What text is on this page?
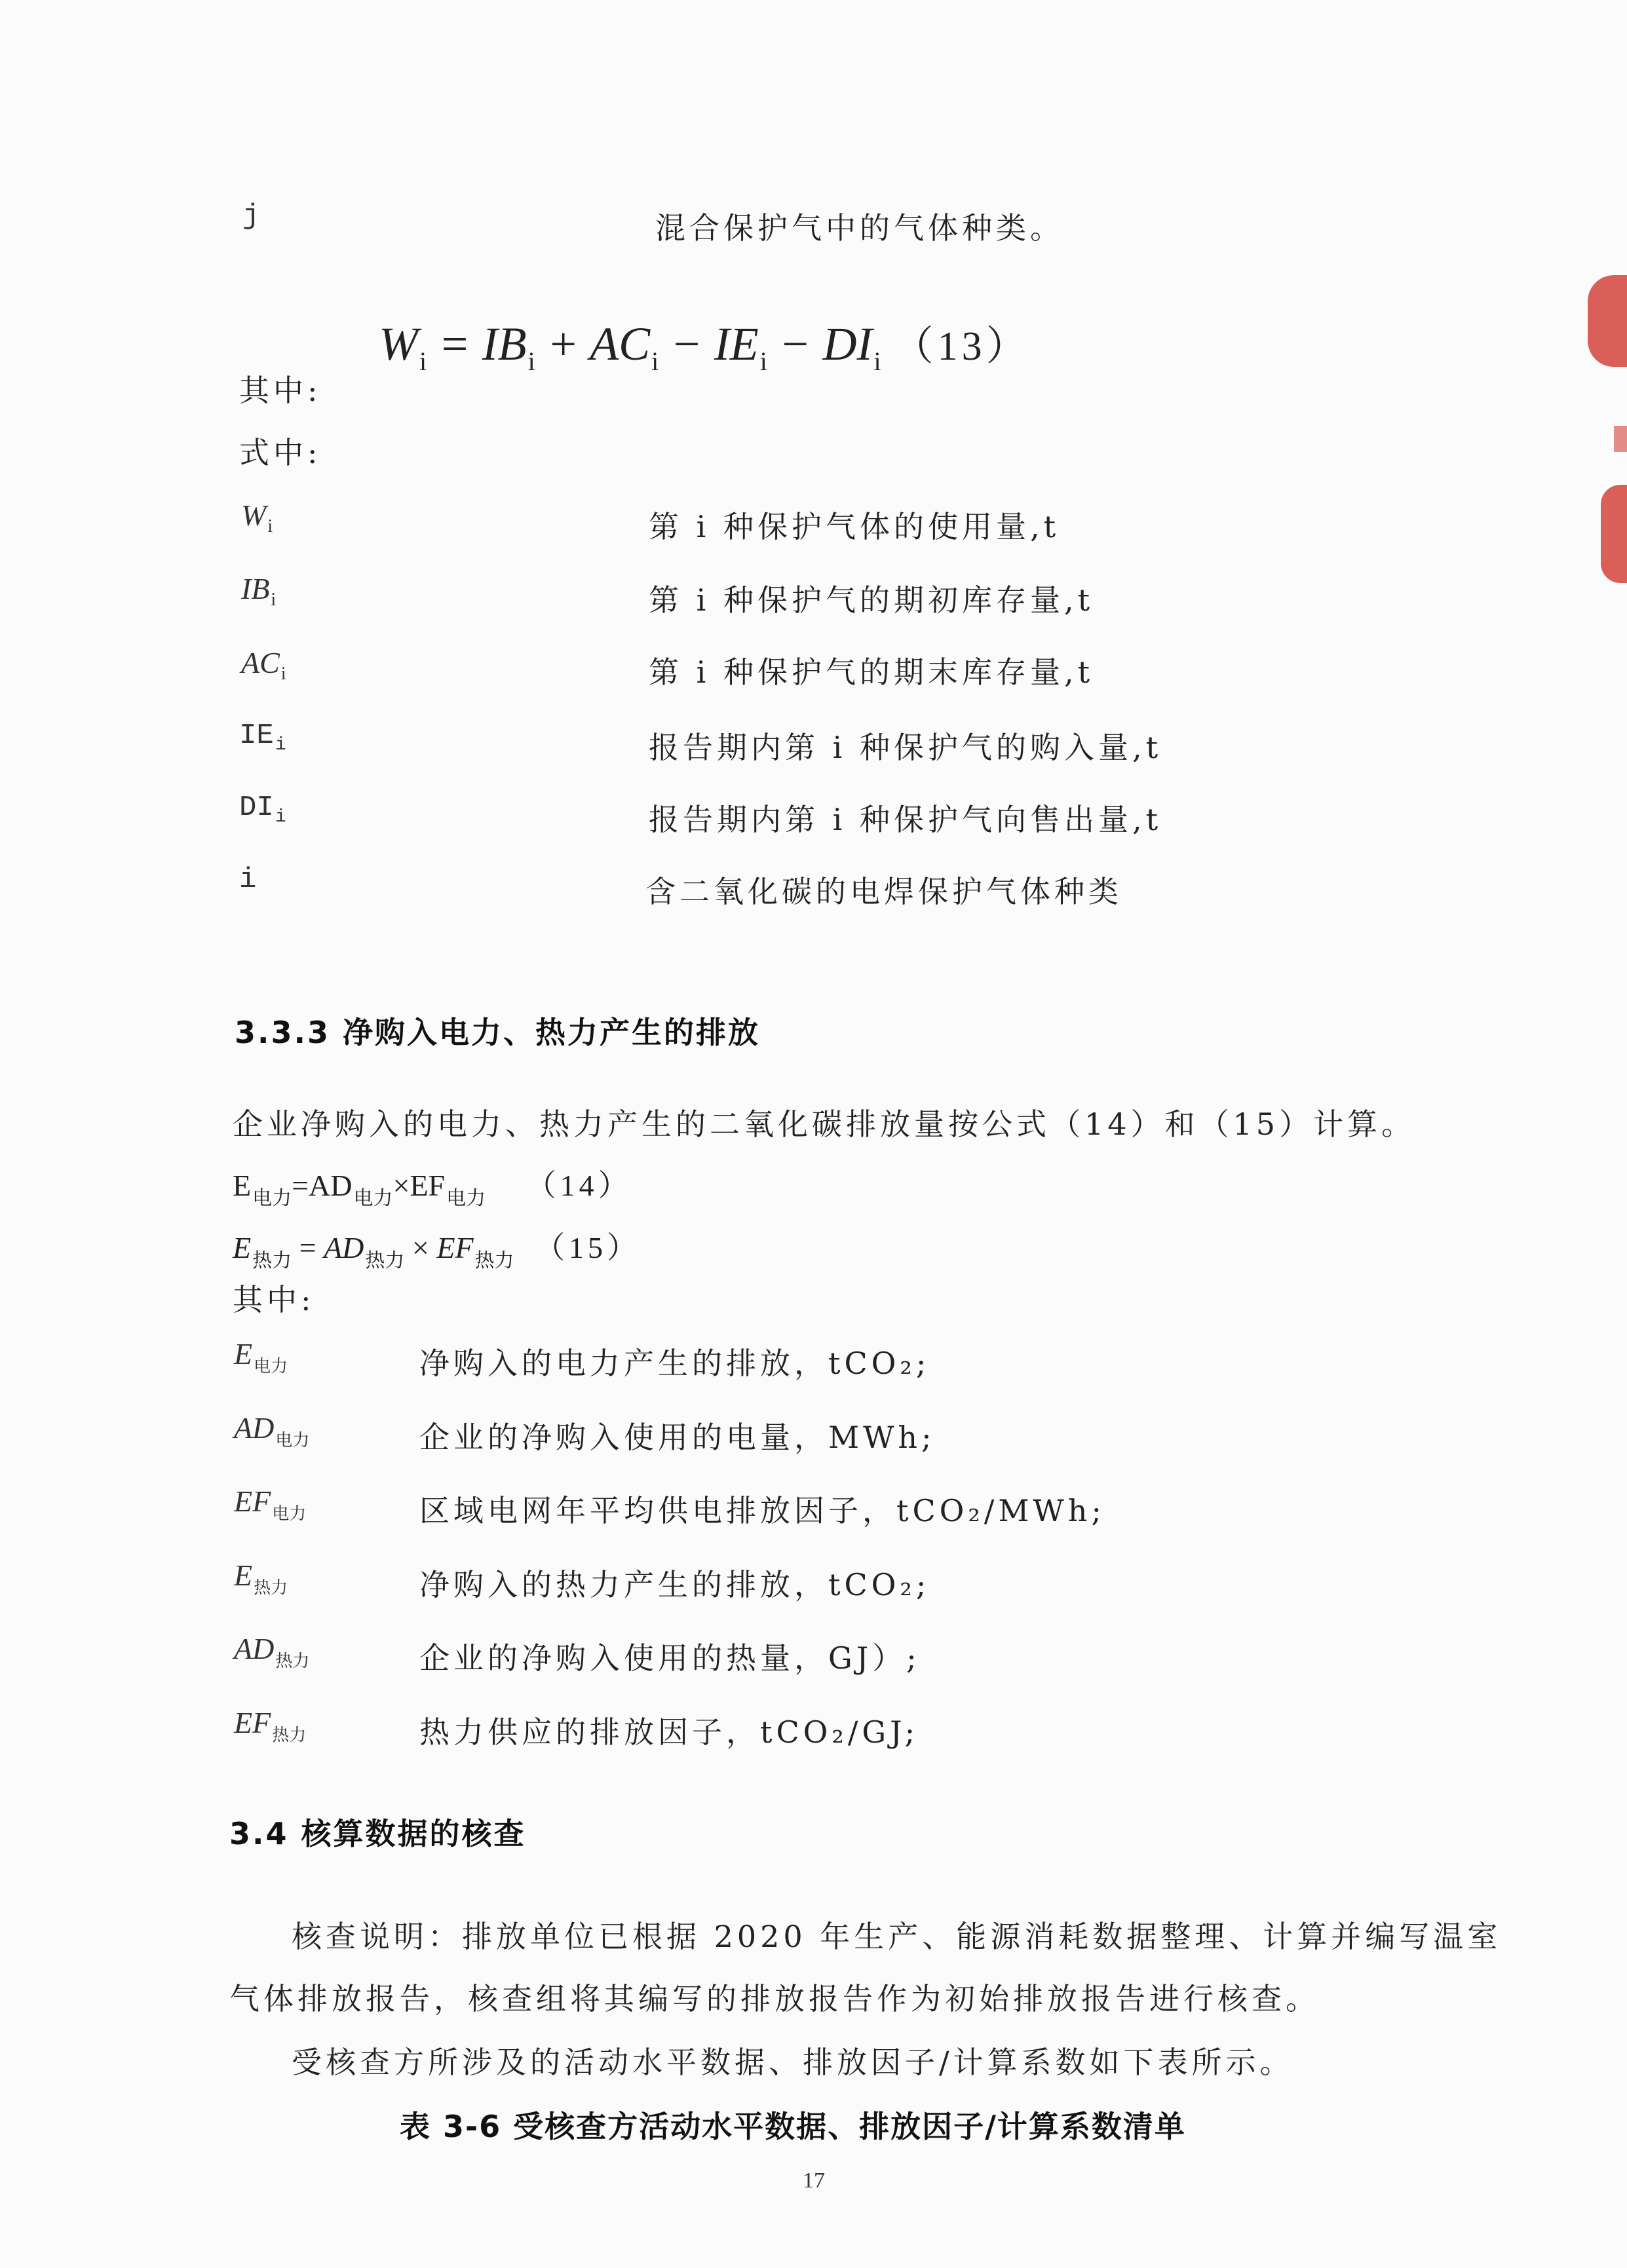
j	混合保护气中的气体种类。
$W_i = IB_i + AC_i - IE_i - DI_i$ （13）
其中:
式中:
$W_i$	第 i 种保护气体的使用量,t
$IB_i$	第 i 种保护气的期初库存量,t
$AC_i$	第 i 种保护气的期末库存量,t
$IE_i$	报告期内第 i 种保护气的购入量,t
$DI_i$	报告期内第 i 种保护气向售出量,t
i	含二氧化碳的电焊保护气体种类
3.3.3 净购入电力、热力产生的排放
企业净购入的电力、热力产生的二氧化碳排放量按公式（14）和（15）计算。
$E_{电力}=AD_{电力}\times EF_{电力}$ （14）
$E_{热力} = AD_{热力} \times EF_{热力}$ （15）
其中:
$E_{电力}$	净购入的电力产生的排放，tCO₂;
$AD_{电力}$	企业的净购入使用的电量，MWh;
$EF_{电力}$	区域电网年平均供电排放因子，tCO₂/MWh;
$E_{热力}$	净购入的热力产生的排放，tCO₂;
$AD_{热力}$	企业的净购入使用的热量，GJ）;
$EF_{热力}$	热力供应的排放因子，tCO₂/GJ;
3.4 核算数据的核查
核查说明：排放单位已根据 2020 年生产、能源消耗数据整理、计算并编写温室
气体排放报告，核查组将其编写的排放报告作为初始排放报告进行核查。
受核查方所涉及的活动水平数据、排放因子/计算系数如下表所示。
表 3-6 受核查方活动水平数据、排放因子/计算系数清单
17
